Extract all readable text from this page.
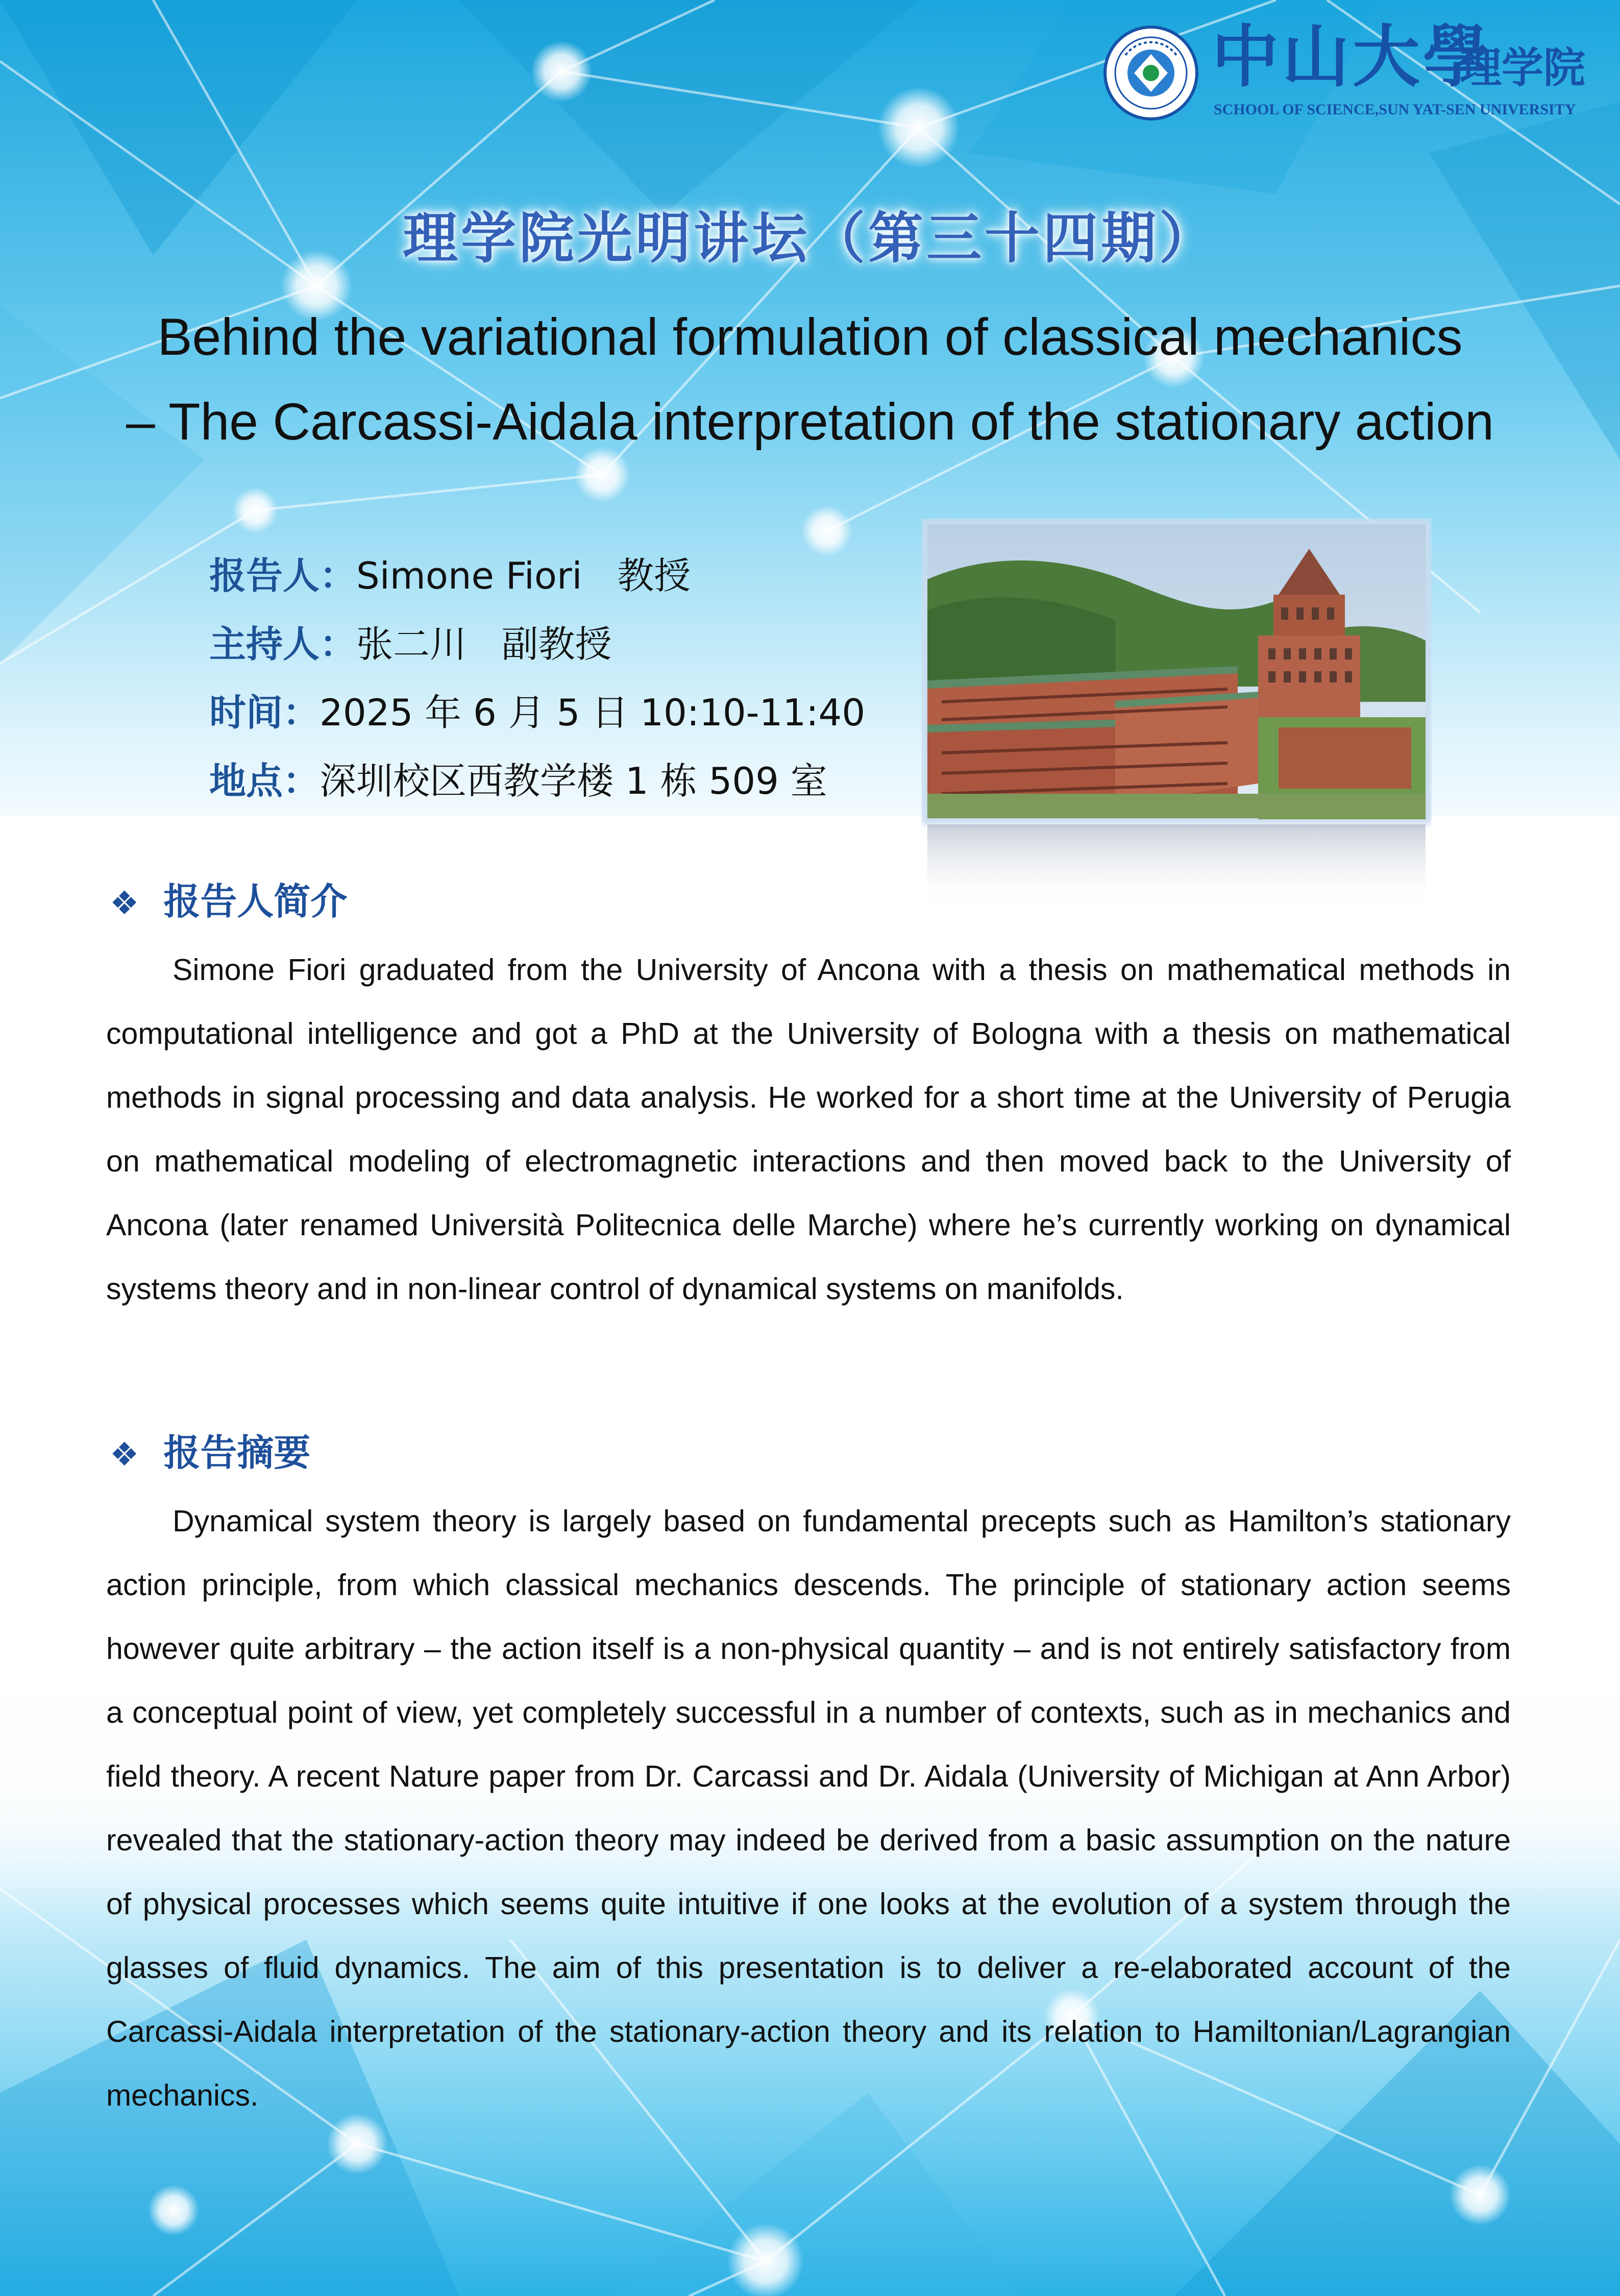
中山大學
理学院
SCHOOL OF SCIENCE,SUN YAT-SEN UNIVERSITY
理学院光明讲坛（第三十四期）
Behind the variational formulation of classical mechanics
– The Carcassi-Aidala interpretation of the stationary action
报告人：Simone Fiori   教授
主持人：张二川   副教授
时间：2025 年 6 月 5 日 10:10-11:40
地点：深圳校区西教学楼 1 栋 509 室
❖ 报告人简介

Simone Fiori graduated from the University of Ancona with a thesis on mathematical methods in computational intelligence and got a PhD at the University of Bologna with a thesis on mathematical methods in signal processing and data analysis. He worked for a short time at the University of Perugia on mathematical modeling of electromagnetic interactions and then moved back to the University of Ancona (later renamed Università Politecnica delle Marche) where he’s currently working on dynamical systems theory and in non-linear control of dynamical systems on manifolds.

❖ 报告摘要

Dynamical system theory is largely based on fundamental precepts such as Hamilton’s stationary action principle, from which classical mechanics descends. The principle of stationary action seems however quite arbitrary – the action itself is a non-physical quantity – and is not entirely satisfactory from a conceptual point of view, yet completely successful in a number of contexts, such as in mechanics and field theory. A recent Nature paper from Dr. Carcassi and Dr. Aidala (University of Michigan at Ann Arbor) revealed that the stationary-action theory may indeed be derived from a basic assumption on the nature of physical processes which seems quite intuitive if one looks at the evolution of a system through the glasses of fluid dynamics. The aim of this presentation is to deliver a re-elaborated account of the Carcassi-Aidala interpretation of the stationary-action theory and its relation to Hamiltonian/Lagrangian mechanics.
